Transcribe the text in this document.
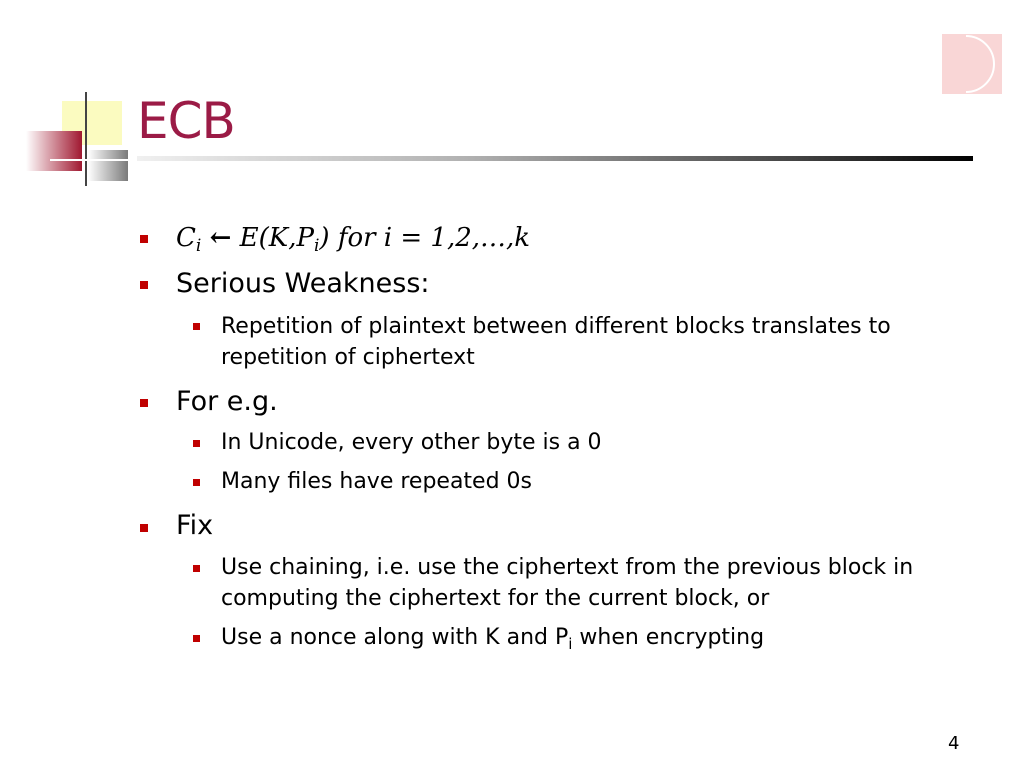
ECB
$C_i$ ← $E(K,P_i)$ for i = 1,2,…,k
Serious Weakness:
Repetition of plaintext between different blocks translates to repetition of ciphertext
For e.g.
In Unicode, every other byte is a 0
Many files have repeated 0s
Fix
Use chaining, i.e. use the ciphertext from the previous block in computing the ciphertext for the current block, or
Use a nonce along with K and $P_i$ when encrypting
4
